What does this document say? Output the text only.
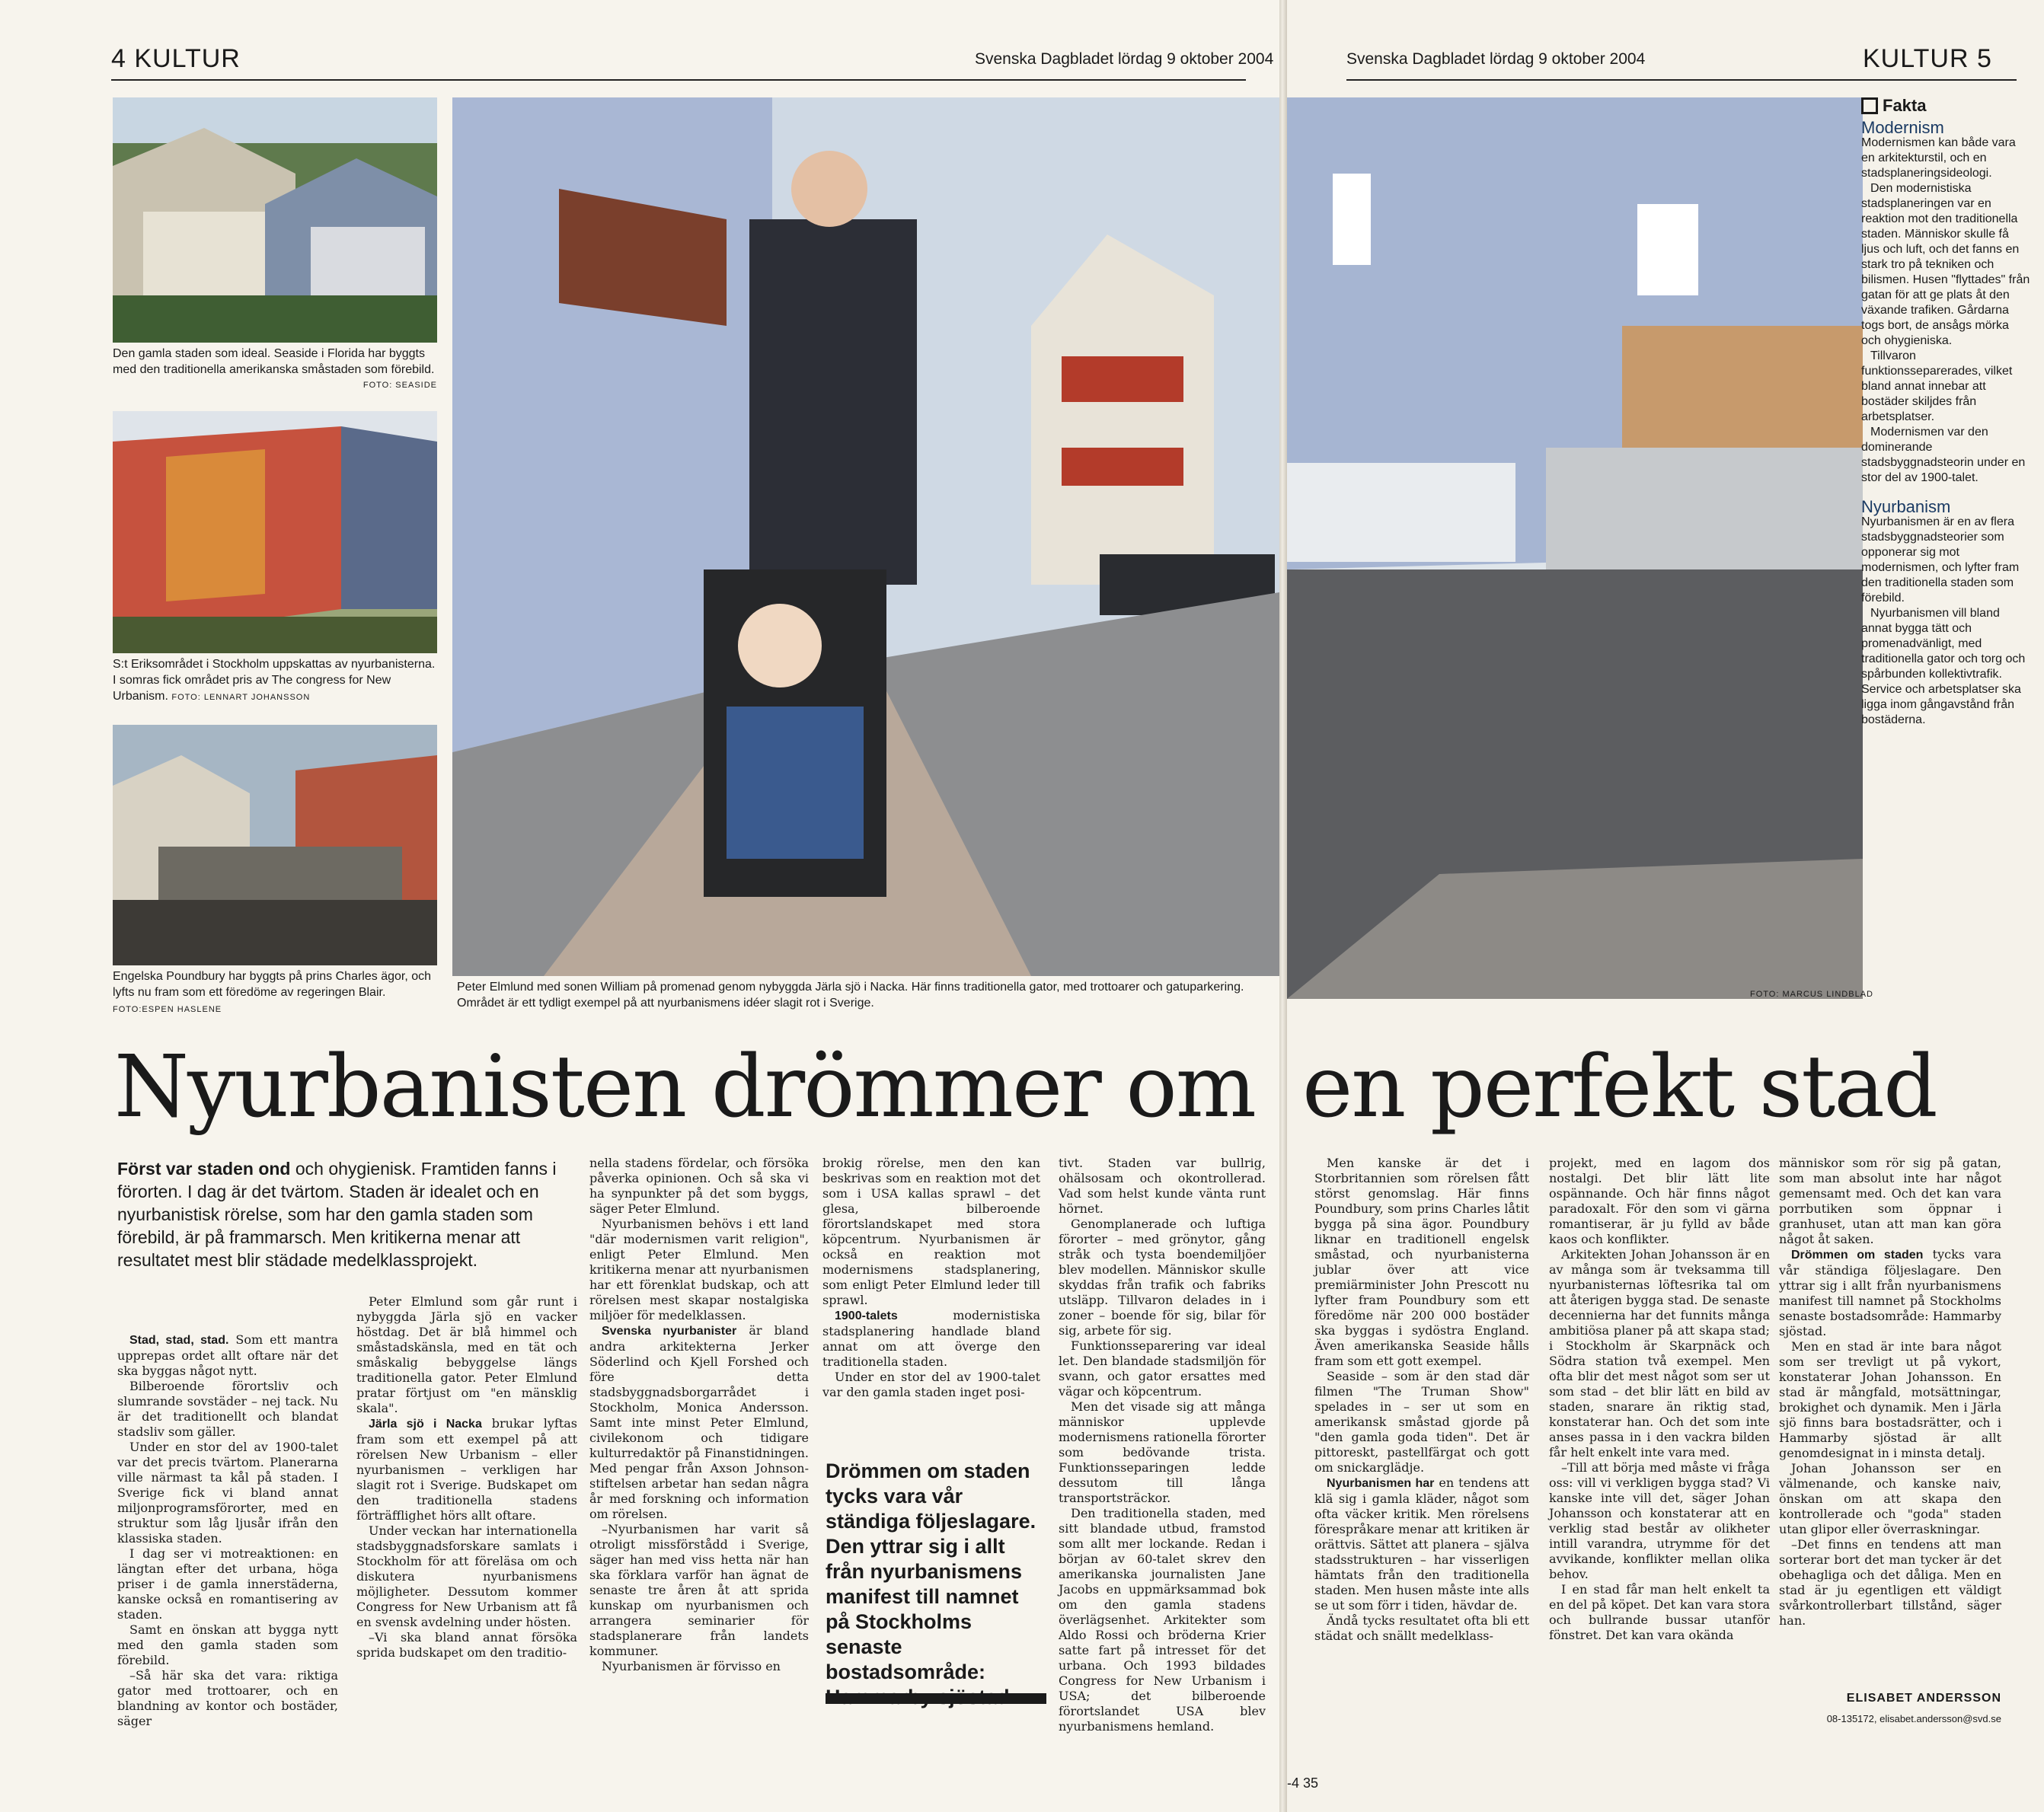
4 KULTUR	Svenska Dagbladet lördag 9 oktober 2004
Den gamla staden som ideal. Seaside i Florida har byggts med den traditionella amerikanska småstaden som förebild.
FOTO: SEASIDE
S:t Eriksområdet i Stockholm uppskattas av nyurbanisterna. I somras fick området pris av The congress for New Urbanism. FOTO: LENNART JOHANSSON
Engelska Poundbury har byggts på prins Charles ägor, och lyfts nu fram som ett föredöme av regeringen Blair. FOTO:ESPEN HASLENE
Peter Elmlund med sonen William på promenad genom nybyggda Järla sjö i Nacka. Här finns traditionella gator, med trottoarer och gatuparkering. Området är ett tydligt exempel på att nyurbanismens idéer slagit rot i Sverige.
Nyurbanisten drömmer om
Först var staden ond och ohygienisk. Framtiden fanns i förorten. I dag är det tvärtom. Staden är idealet och en nyurbanistisk rörelse, som har den gamla staden som förebild, är på frammarsch. Men kritikerna menar att resultatet mest blir städade medelklassprojekt.

Stad, stad, stad. Som ett mantra upprepas ordet allt oftare när det ska byggas något nytt.

Bilberoende förortsliv och slumrande sovstäder – nej tack. Nu är det traditionellt och blandat stadsliv som gäller.

Under en stor del av 1900-talet var det precis tvärtom. Planerarna ville närmast ta kål på staden. I Sverige fick vi bland annat miljonprogramsförorter, med en struktur som låg ljusår ifrån den klassiska staden.

I dag ser vi motreaktionen: en längtan efter det urbana, höga priser i de gamla innerstäderna, kanske också en romantisering av staden.

Samt en önskan att bygga nytt med den gamla staden som förebild.

–Så här ska det vara: riktiga gator med trottoarer, och en blandning av kontor och bostäder, säger

Peter Elmlund som går runt i nybyggda Järla sjö en vacker höstdag. Det är blå himmel och småstadskänsla, med en tät och småskalig bebyggelse längs traditionella gator. Peter Elmlund pratar förtjust om "en mänsklig skala".

Järla sjö i Nacka brukar lyftas fram som ett exempel på att rörelsen New Urbanism – eller nyurbanismen – verkligen har slagit rot i Sverige. Budskapet om den traditionella stadens förträfflighet hörs allt oftare.

Under veckan har internationella stadsbyggnadsforskare samlats i Stockholm för att föreläsa om och diskutera nyurbanismens möjligheter. Dessutom kommer Congress for New Urbanism att få en svensk avdelning under hösten.

–Vi ska bland annat försöka sprida budskapet om den traditio-

nella stadens fördelar, och försöka påverka opinionen. Och så ska vi ha synpunkter på det som byggs, säger Peter Elmlund.

Nyurbanismen behövs i ett land "där modernismen varit religion", enligt Peter Elmlund. Men kritikerna menar att nyurbanismen har ett förenklat budskap, och att rörelsen mest skapar nostalgiska miljöer för medelklassen.

Svenska nyurbanister är bland andra arkitekterna Jerker Söderlind och Kjell Forshed och före detta stadsbyggnadsborgarrådet i Stockholm, Monica Andersson. Samt inte minst Peter Elmlund, civilekonom och tidigare kulturredaktör på Finanstidningen. Med pengar från Axson Johnson-stiftelsen arbetar han sedan några år med forskning och information om rörelsen.

–Nyurbanismen har varit så otroligt missförstådd i Sverige, säger han med viss hetta när han ska förklara varför han ägnat de senaste tre åren åt att sprida kunskap om nyurbanismen och arrangera seminarier för stadsplanerare från landets kommuner.

Nyurbanismen är förvisso en

brokig rörelse, men den kan beskrivas som en reaktion mot det som i USA kallas sprawl – det glesa, bilberoende förortslandskapet med stora köpcentrum. Nyurbanismen är också en reaktion mot modernismens stadsplanering, som enligt Peter Elmlund leder till sprawl.

1900-talets modernistiska stadsplanering handlade bland annat om att överge den traditionella staden.

Under en stor del av 1900-talet var den gamla staden inget posi-

Drömmen om staden tycks vara vår ständiga följeslagare. Den yttrar sig i allt från nyurbanismens manifest till namnet på Stockholms senaste bostadsområde:

tivt. Staden var bullrig, ohälsosam och okontrollerad. Vad som helst kunde vänta runt hörnet.

Genomplanerade och luftiga förorter – med grönytor, gång stråk och tysta boendemiljöer blev modellen. Människor skulle skyddas från trafik och fabriks utsläpp. Tillvaron delades in i zoner – boende för sig, bilar för sig, arbete för sig.

Funktionsseparering var ideal let. Den blandade stadsmiljön för svann, och gator ersattes med vägar och köpcentrum.

Men det visade sig att många människor upplevde modernismens rationella förorter som bedövande trista. Funktionsseparingen ledde dessutom till långa transportsträckor.

Den traditionella staden, med sitt blandade utbud, framstod som allt mer lockande. Redan i början av 60-talet skrev den amerikanska journalisten Jane Jacobs en uppmärksammad bok om den gamla stadens överlägsenhet. Arkitekter som Aldo Rossi och bröderna Krier satte fart på intresset för det urbana. Och 1993 bildades Congress for New Urbanism i USA; det bilberoende förortslandet USA blev nyurbanismens hemland.

Svenska Dagbladet lördag 9 oktober 2004	KULTUR 5
FOTO: MARCUS LINDBLAD
Fakta
Modernism

Modernismen kan både vara en arkitekturstil, och en stadsplaneringsideologi.

Den modernistiska stadsplaneringen var en reaktion mot den traditionella staden. Människor skulle få ljus och luft, och det fanns en stark tro på tekniken och bilismen. Husen "flyttades" från gatan för att ge plats åt den växande trafiken. Gårdarna togs bort, de ansågs mörka och ohygieniska.

Tillvaron funktionsseparerades, vilket bland annat innebar att bostäder skiljdes från arbetsplatser.

Modernismen var den dominerande stadsbyggnadsteorin under en stor del av 1900-talet.

Nyurbanism

Nyurbanismen är en av flera stadsbyggnadsteorier som opponerar sig mot modernismen, och lyfter fram den traditionella staden som förebild.

Nyurbanismen vill bland annat bygga tätt och promenadvänligt, med traditionella gator och torg och spårbunden kollektivtrafik. Service och arbetsplatser ska ligga inom gångavstånd från bostäderna.

en perfekt stad

Men kanske är det i Storbritannien som rörelsen fått störst genomslag. Här finns Poundbury, som prins Charles låtit bygga på sina ägor. Poundbury liknar en traditionell engelsk småstad, och nyurbanisterna jublar över att vice premiärminister John Prescott nu lyfter fram Poundbury som ett föredöme när 200 000 bostäder ska byggas i sydöstra England. Även amerikanska Seaside hålls fram som ett gott exempel.

Seaside – som är den stad där filmen "The Truman Show" spelades in – ser ut som en amerikansk småstad gjorde på "den gamla goda tiden". Det är pittoreskt, pastellfärgat och gott om snickarglädje.

Nyurbanismen har en tendens att klä sig i gamla kläder, något som ofta väcker kritik. Men rörelsens förespråkare menar att kritiken är orättvis. Sättet att planera – själva stadsstrukturen – har visserligen hämtats från den traditionella staden. Men husen måste inte alls se ut som förr i tiden, hävdar de.

Ändå tycks resultatet ofta bli ett städat och snällt medelklass-

projekt, med en lagom dos nostalgi. Det blir lätt lite ospännande. Och här finns något paradoxalt. För den som vi gärna romantiserar, är ju fylld av både kaos och konflikter.

Arkitekten Johan Johansson är en av många som är tveksamma till nyurbanisternas löftesrika tal om att återigen bygga stad. De senaste decennierna har det funnits många ambitiösa planer på att skapa stad; i Stockholm är Skarpnäck och Södra station två exempel. Men ofta blir det mest något som ser ut som stad – det blir lätt en bild av staden, snarare än riktig stad, konstaterar han. Och det som inte anses passa in i den vackra bilden får helt enkelt inte vara med.

–Till att börja med måste vi fråga oss: vill vi verkligen bygga stad? Vi kanske inte vill det, säger Johan Johansson och konstaterar att en verklig stad består av olikheter intill varandra, utrymme för det avvikande, konflikter mellan olika behov.

I en stad får man helt enkelt ta en del på köpet. Det kan vara stora och bullrande bussar utanför fönstret. Det kan vara okända

människor som rör sig på gatan, som man absolut inte har något gemensamt med. Och det kan vara porrbutiken som öppnar i granhuset, utan att man kan göra något åt saken.

Drömmen om staden tycks vara vår ständiga följeslagare. Den yttrar sig i allt från nyurbanismens manifest till namnet på Stockholms senaste bostadsområde: Hammarby sjöstad.

Men en stad är inte bara något som ser trevligt ut på vykort, konstaterar Johan Johansson. En stad är mångfald, motsättningar, brokighet och dynamik. Men i Järla sjö finns bara bostadsrätter, och i Hammarby sjöstad är allt genomdesignat in i minsta detalj.

Johan Johansson ser en välmenande, och kanske naiv, önskan om att skapa den kontrollerade och "goda" staden utan glipor eller överraskningar.

–Det finns en tendens att man sorterar bort det man tycker är det obehagliga och det dåliga. Men en stad är ju egentligen ett väldigt svårkontrollerbart tillstånd, säger han.

ELISABET ANDERSSON
08-135172, elisabet.andersson@svd.se
-4 35
